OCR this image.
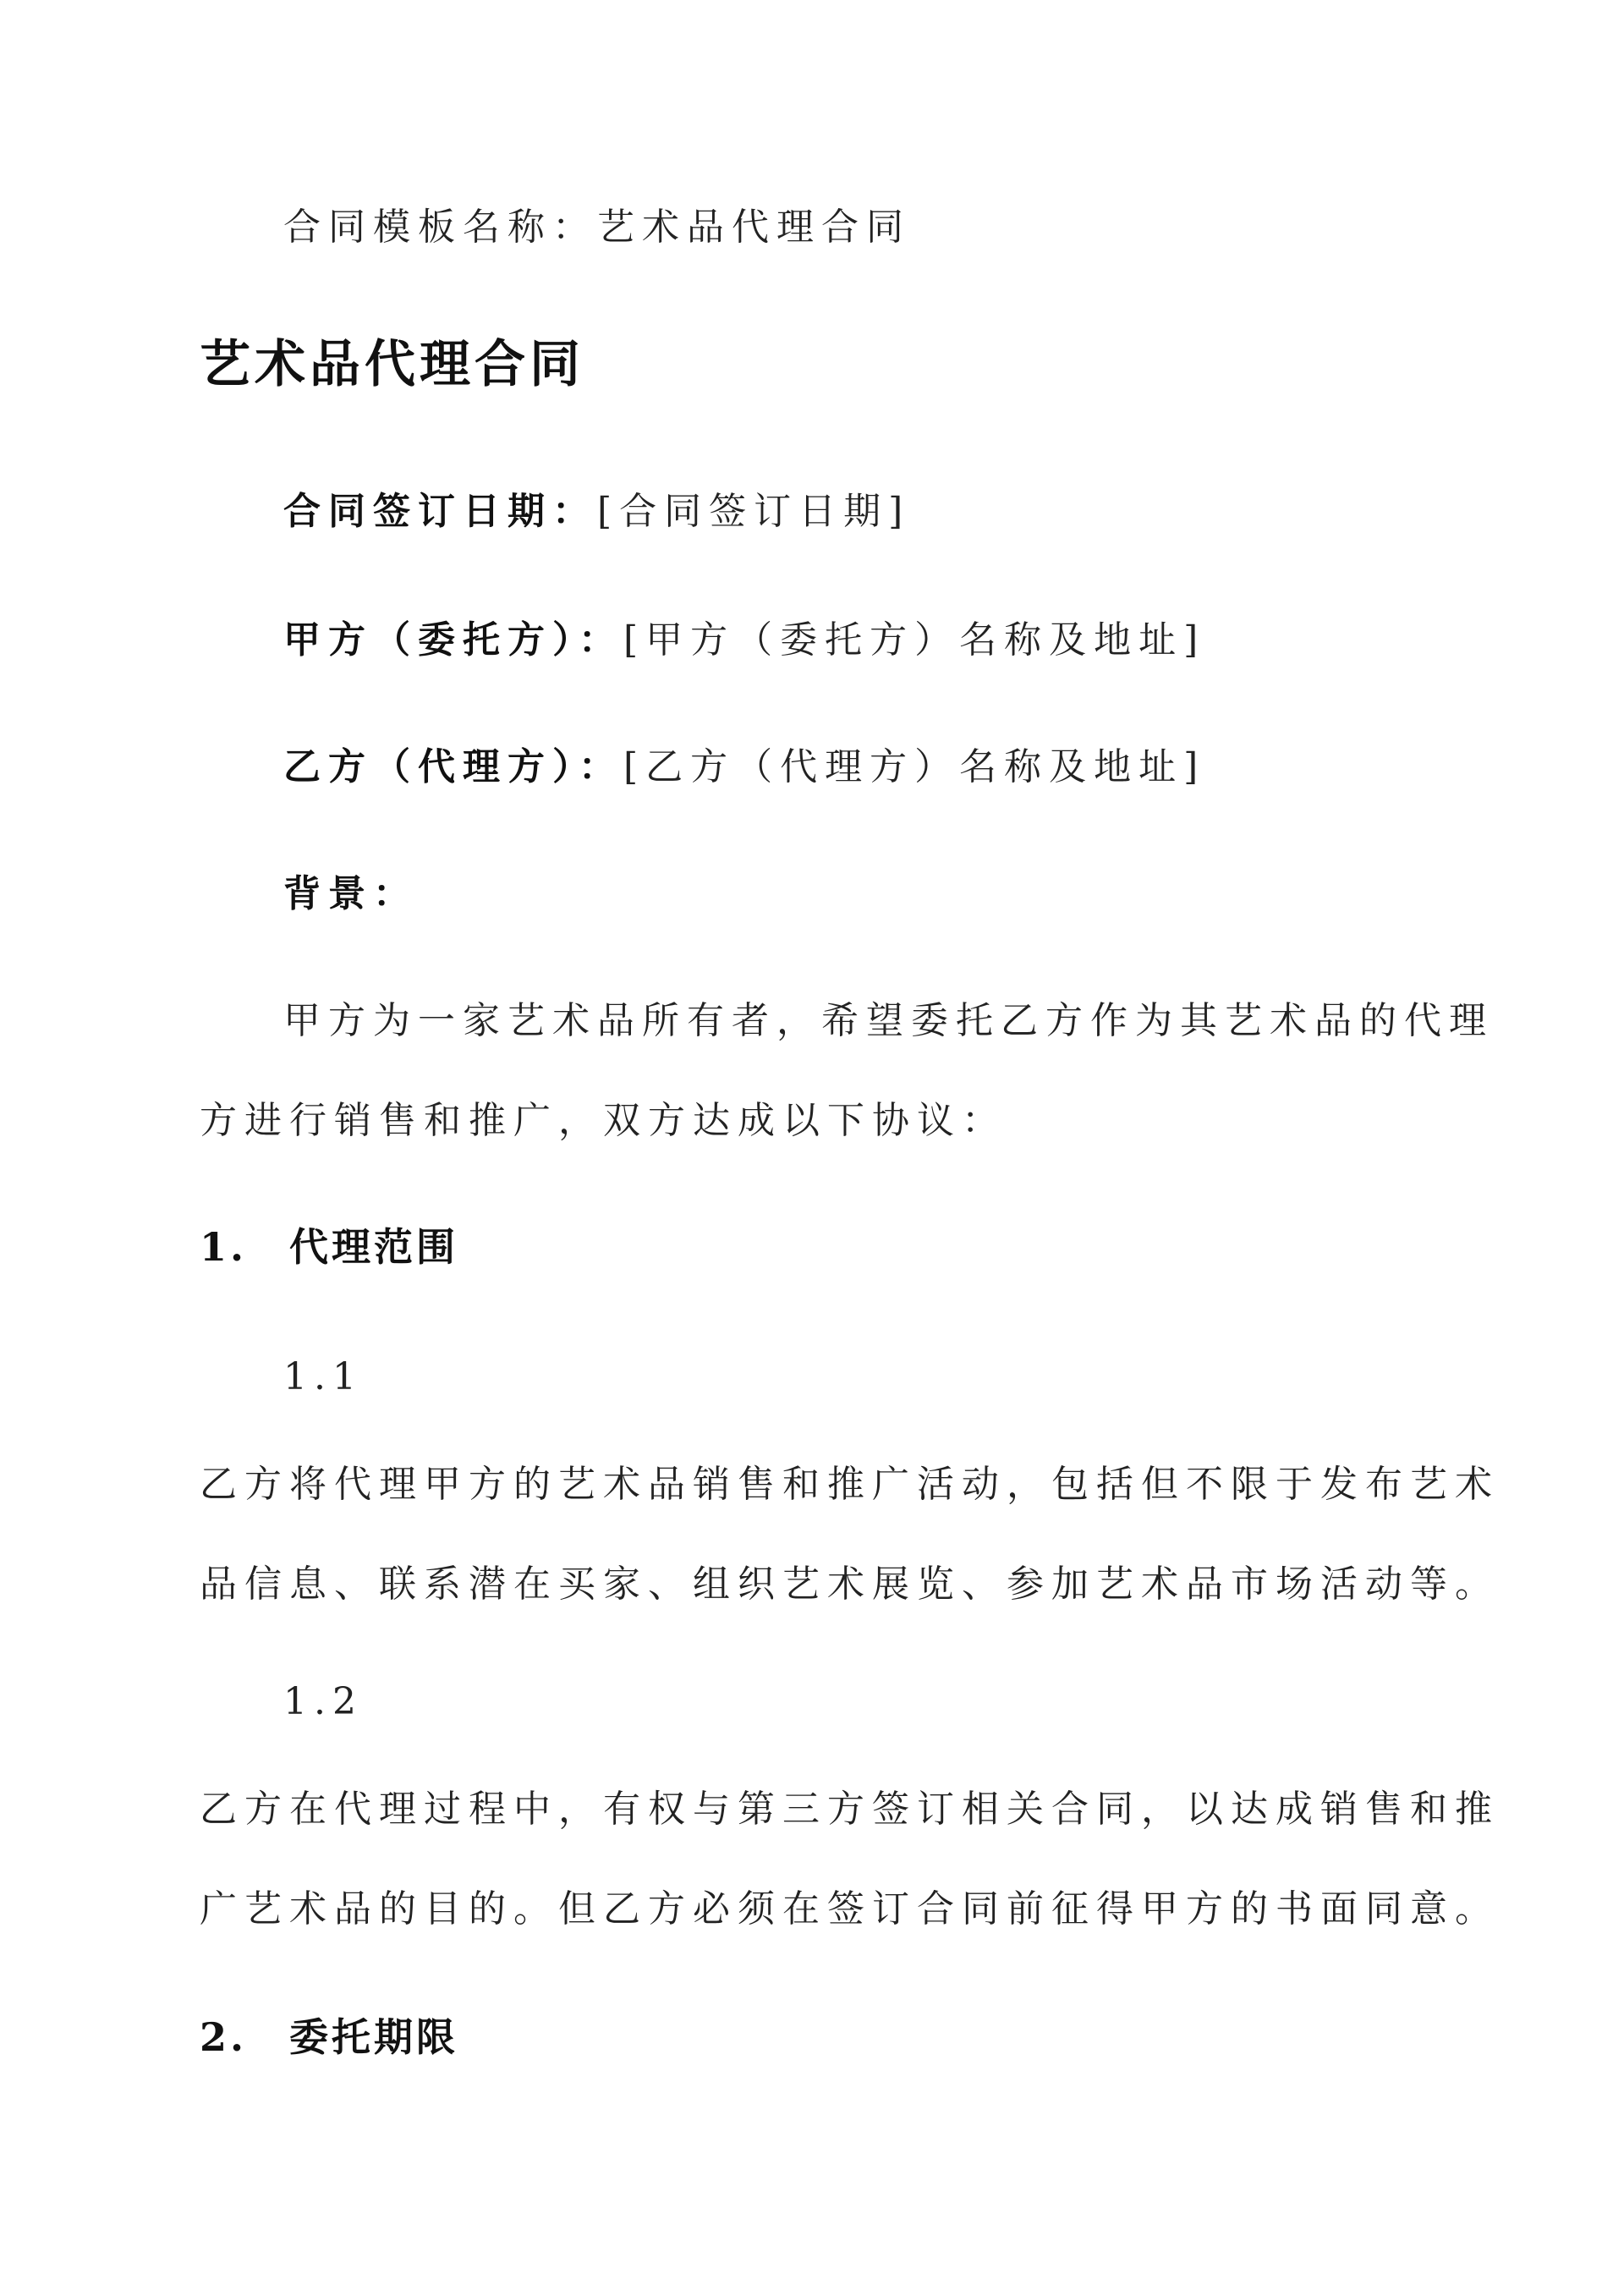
合同模板名称：艺术品代理合同
艺术品代理合同
合同签订日期：[合同签订日期]
甲方（委托方）：[甲方（委托方）名称及地址]
乙方（代理方）：[乙方（代理方）名称及地址]
背景：
甲方为一家艺术品所有者，希望委托乙方作为其艺术品的代理
方进行销售和推广，双方达成以下协议：
1.　代理范围
1.1
乙方将代理甲方的艺术品销售和推广活动，包括但不限于发布艺术
品信息、联系潜在买家、组织艺术展览、参加艺术品市场活动等。
1.2
乙方在代理过程中，有权与第三方签订相关合同，以达成销售和推
广艺术品的目的。但乙方必须在签订合同前征得甲方的书面同意。
2.　委托期限
